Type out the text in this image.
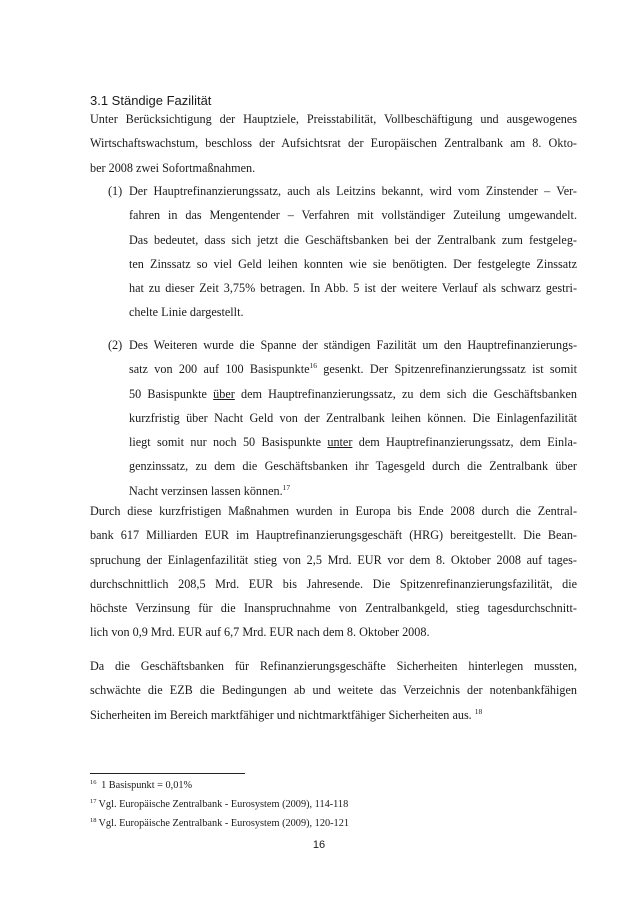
3.1 Ständige Fazilität

Unter Berücksichtigung der Hauptziele, Preisstabilität, Vollbeschäftigung und ausgewogenes
Wirtschaftswachstum, beschloss der Aufsichtsrat der Europäischen Zentralbank am 8. Okto-
ber 2008 zwei Sofortmaßnahmen.

(1) Der Hauptrefinanzierungssatz, auch als Leitzins bekannt, wird vom Zinstender – Ver-
fahren in das Mengentender – Verfahren mit vollständiger Zuteilung umgewandelt.
Das bedeutet, dass sich jetzt die Geschäftsbanken bei der Zentralbank zum festgeleg-
ten Zinssatz so viel Geld leihen konnten wie sie benötigten. Der festgelegte Zinssatz
hat zu dieser Zeit 3,75% betragen. In Abb. 5 ist der weitere Verlauf als schwarz gestri-
chelte Linie dargestellt.
(2) Des Weiteren wurde die Spanne der ständigen Fazilität um den Hauptrefinanzierungs-
satz von 200 auf 100 Basispunkte$^{16}$ gesenkt. Der Spitzenrefinanzierungssatz ist somit
50 Basispunkte über dem Hauptrefinanzierungssatz, zu dem sich die Geschäftsbanken
kurzfristig über Nacht Geld von der Zentralbank leihen können. Die Einlagenfazilität
liegt somit nur noch 50 Basispunkte unter dem Hauptrefinanzierungssatz, dem Einla-
genzinssatz, zu dem die Geschäftsbanken ihr Tagesgeld durch die Zentralbank über
Nacht verzinsen lassen können.$^{17}$

Durch diese kurzfristigen Maßnahmen wurden in Europa bis Ende 2008 durch die Zentral-
bank 617 Milliarden EUR im Hauptrefinanzierungsgeschäft (HRG) bereitgestellt. Die Bean-
spruchung der Einlagenfazilität stieg von 2,5 Mrd. EUR vor dem 8. Oktober 2008 auf tages-
durchschnittlich 208,5 Mrd. EUR bis Jahresende. Die Spitzenrefinanzierungsfazilität, die
höchste Verzinsung für die Inanspruchnahme von Zentralbankgeld, stieg tagesdurchschnitt-
lich von 0,9 Mrd. EUR auf 6,7 Mrd. EUR nach dem 8. Oktober 2008.

Da die Geschäftsbanken für Refinanzierungsgeschäfte Sicherheiten hinterlegen mussten,
schwächte die EZB die Bedingungen ab und weitete das Verzeichnis der notenbankfähigen
Sicherheiten im Bereich marktfähiger und nichtmarktfähiger Sicherheiten aus. $^{18}$

$^{16}$ 1 Basispunkt = 0,01%

$^{17}$ Vgl. Europäische Zentralbank - Eurosystem (2009), 114-118

$^{18}$ Vgl. Europäische Zentralbank - Eurosystem (2009), 120-121

16
